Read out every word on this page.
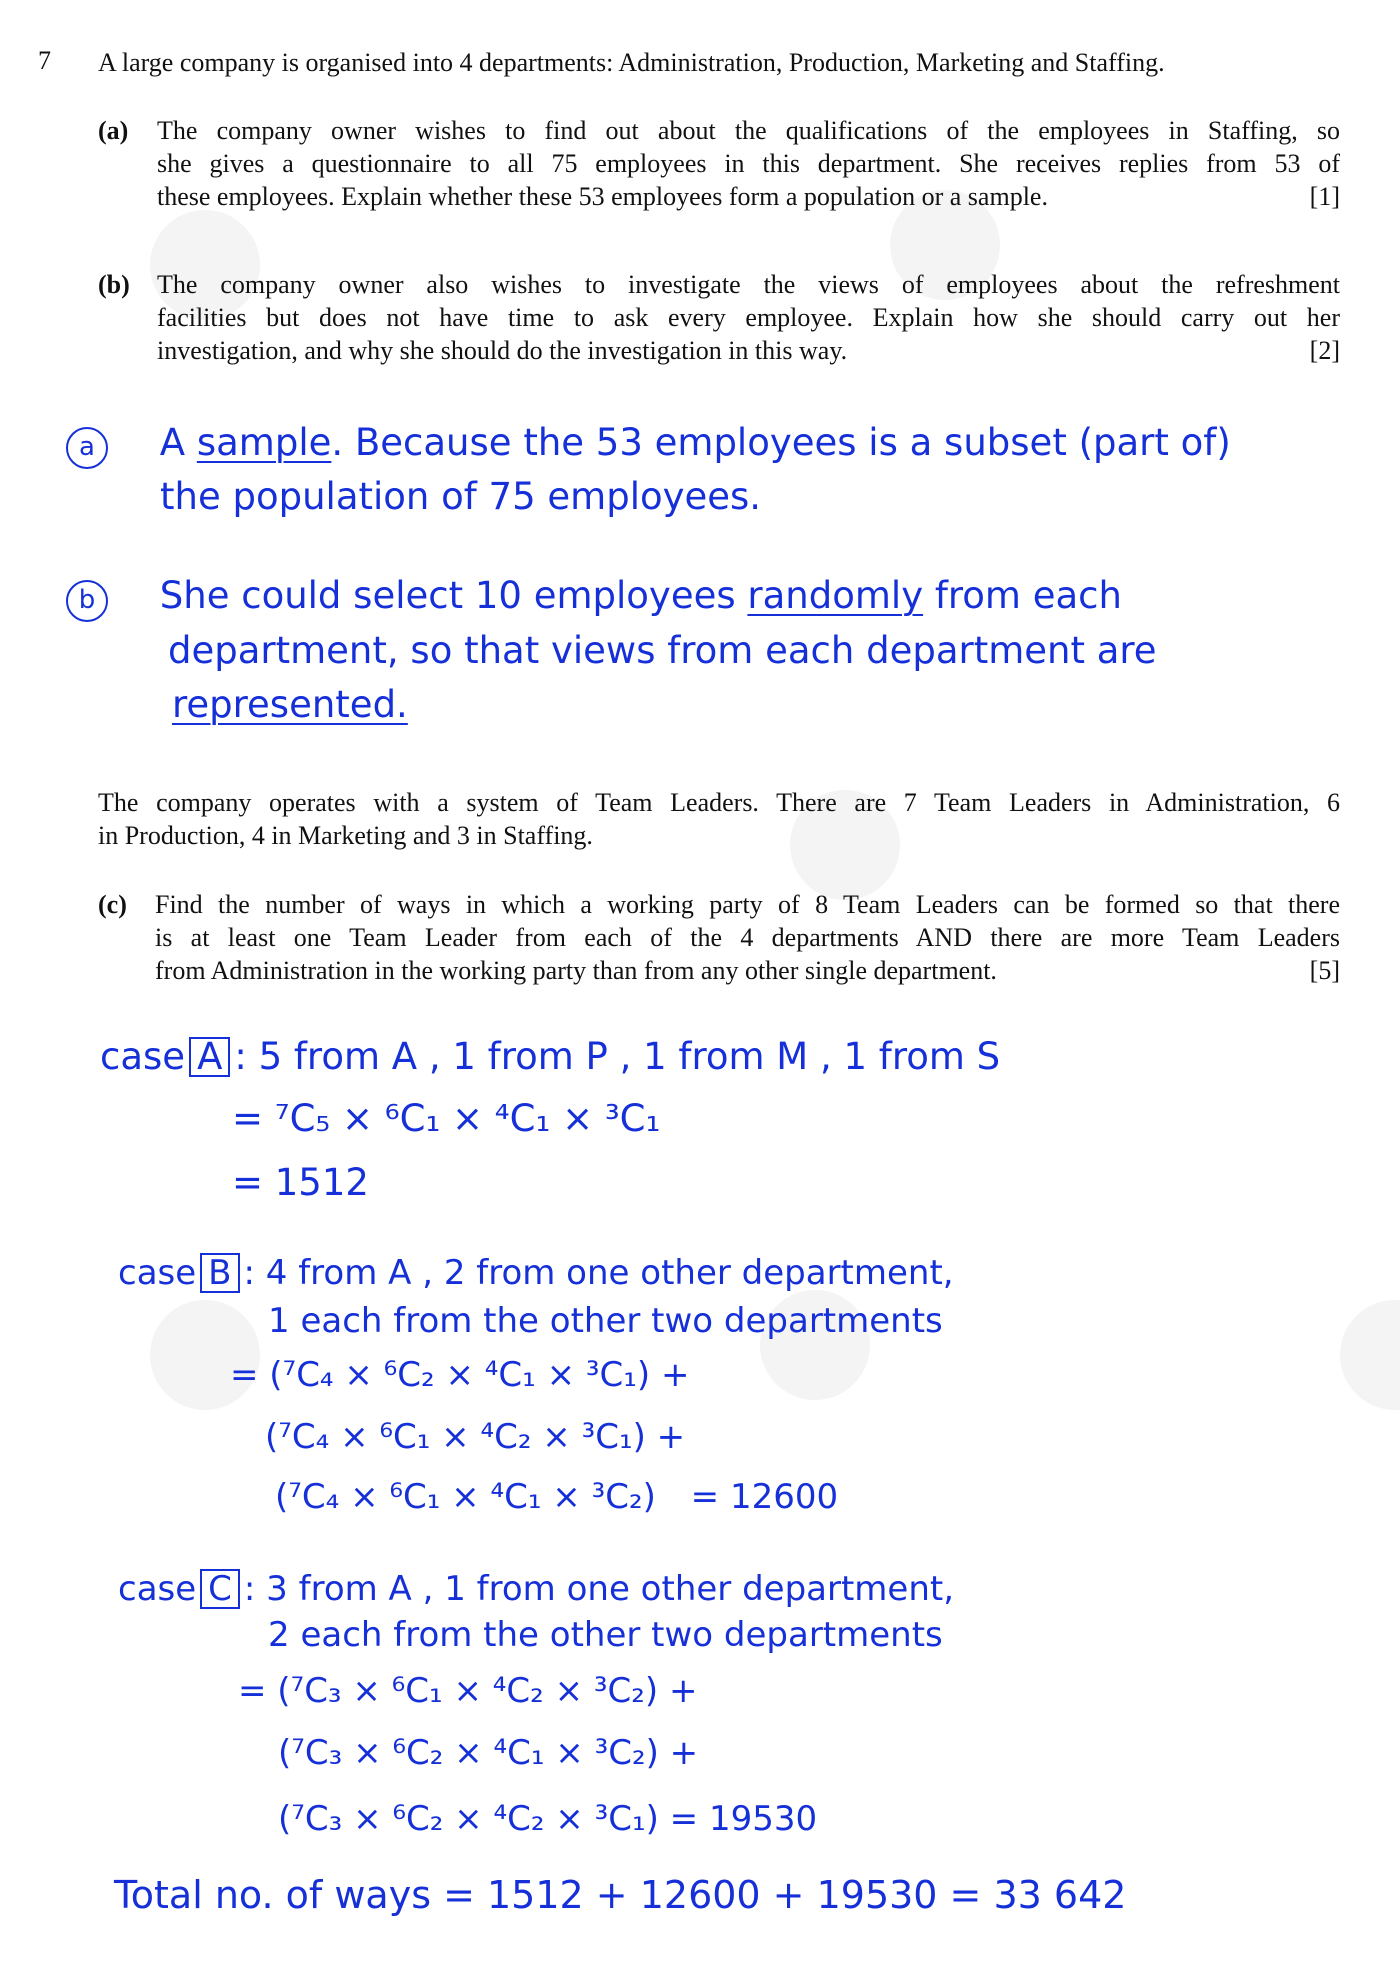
7 A large company is organised into 4 departments: Administration, Production, Marketing and Staffing.
(a) The company owner wishes to find out about the qualifications of the employees in Staffing, so
she gives a questionnaire to all 75 employees in this department. She receives replies from 53 of
these employees. Explain whether these 53 employees form a population or a sample.	[1]
(b) The company owner also wishes to investigate the views of employees about the refreshment
facilities but does not have time to ask every employee. Explain how she should carry out her
investigation, and why she should do the investigation in this way.	[2]
a A sample. Because the 53 employees is a subset (part of)
the population of 75 employees.
b She could select 10 employees randomly from each
department, so that views from each department are
represented.
The company operates with a system of Team Leaders. There are 7 Team Leaders in Administration, 6
in Production, 4 in Marketing and 3 in Staffing.
(c) Find the number of ways in which a working party of 8 Team Leaders can be formed so that there
is at least one Team Leader from each of the 4 departments AND there are more Team Leaders
from Administration in the working party than from any other single department.	[5]
case A : 5 from A , 1 from P , 1 from M , 1 from S
= ⁷C₅ × ⁶C₁ × ⁴C₁ × ³C₁
= 1512
case B : 4 from A , 2 from one other department,
1 each from the other two departments
= (⁷C₄ × ⁶C₂ × ⁴C₁ × ³C₁) +
(⁷C₄ × ⁶C₁ × ⁴C₂ × ³C₁) +
(⁷C₄ × ⁶C₁ × ⁴C₁ × ³C₂) = 12600
case C : 3 from A , 1 from one other department,
2 each from the other two departments
= (⁷C₃ × ⁶C₁ × ⁴C₂ × ³C₂) +
(⁷C₃ × ⁶C₂ × ⁴C₁ × ³C₂) +
(⁷C₃ × ⁶C₂ × ⁴C₂ × ³C₁) = 19530
Total no. of ways = 1512 + 12600 + 19530 = 33 642
